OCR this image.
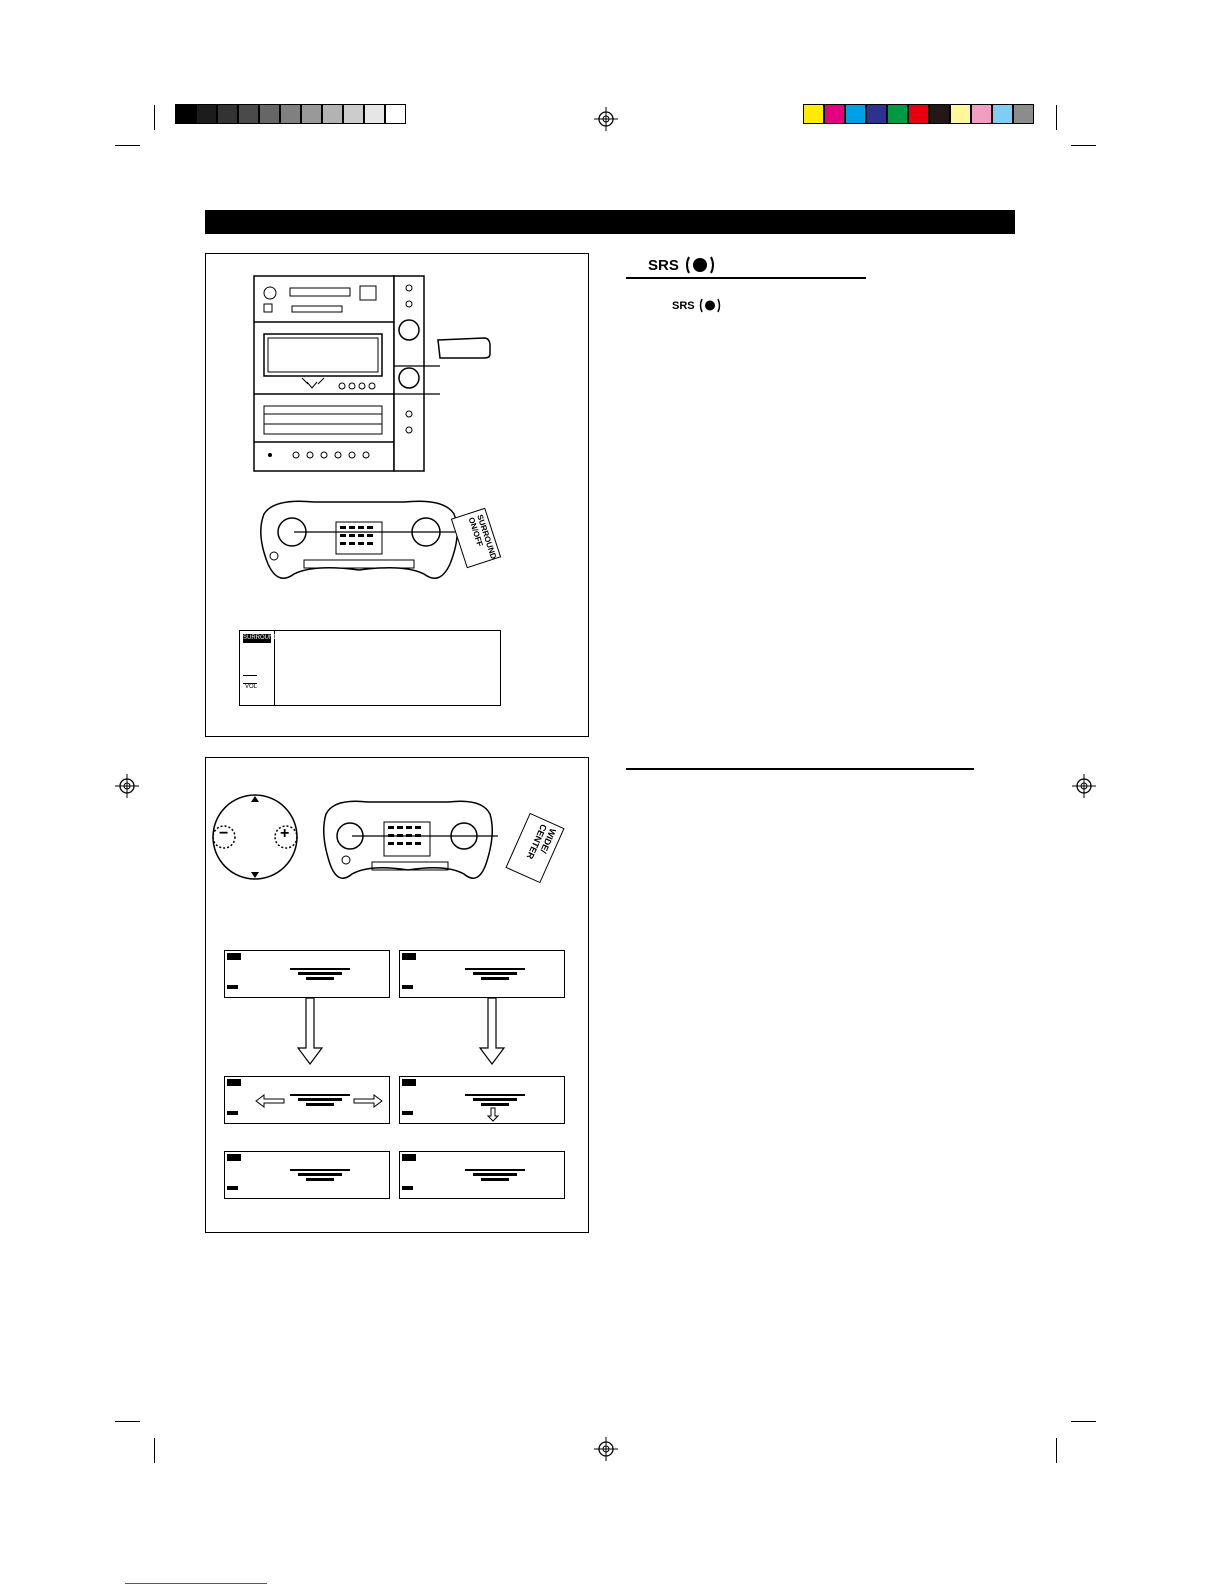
SURROUND ON/OFF
SURROUND
VOL
−	+	WIDE/ CENTER
SRS
SRS
